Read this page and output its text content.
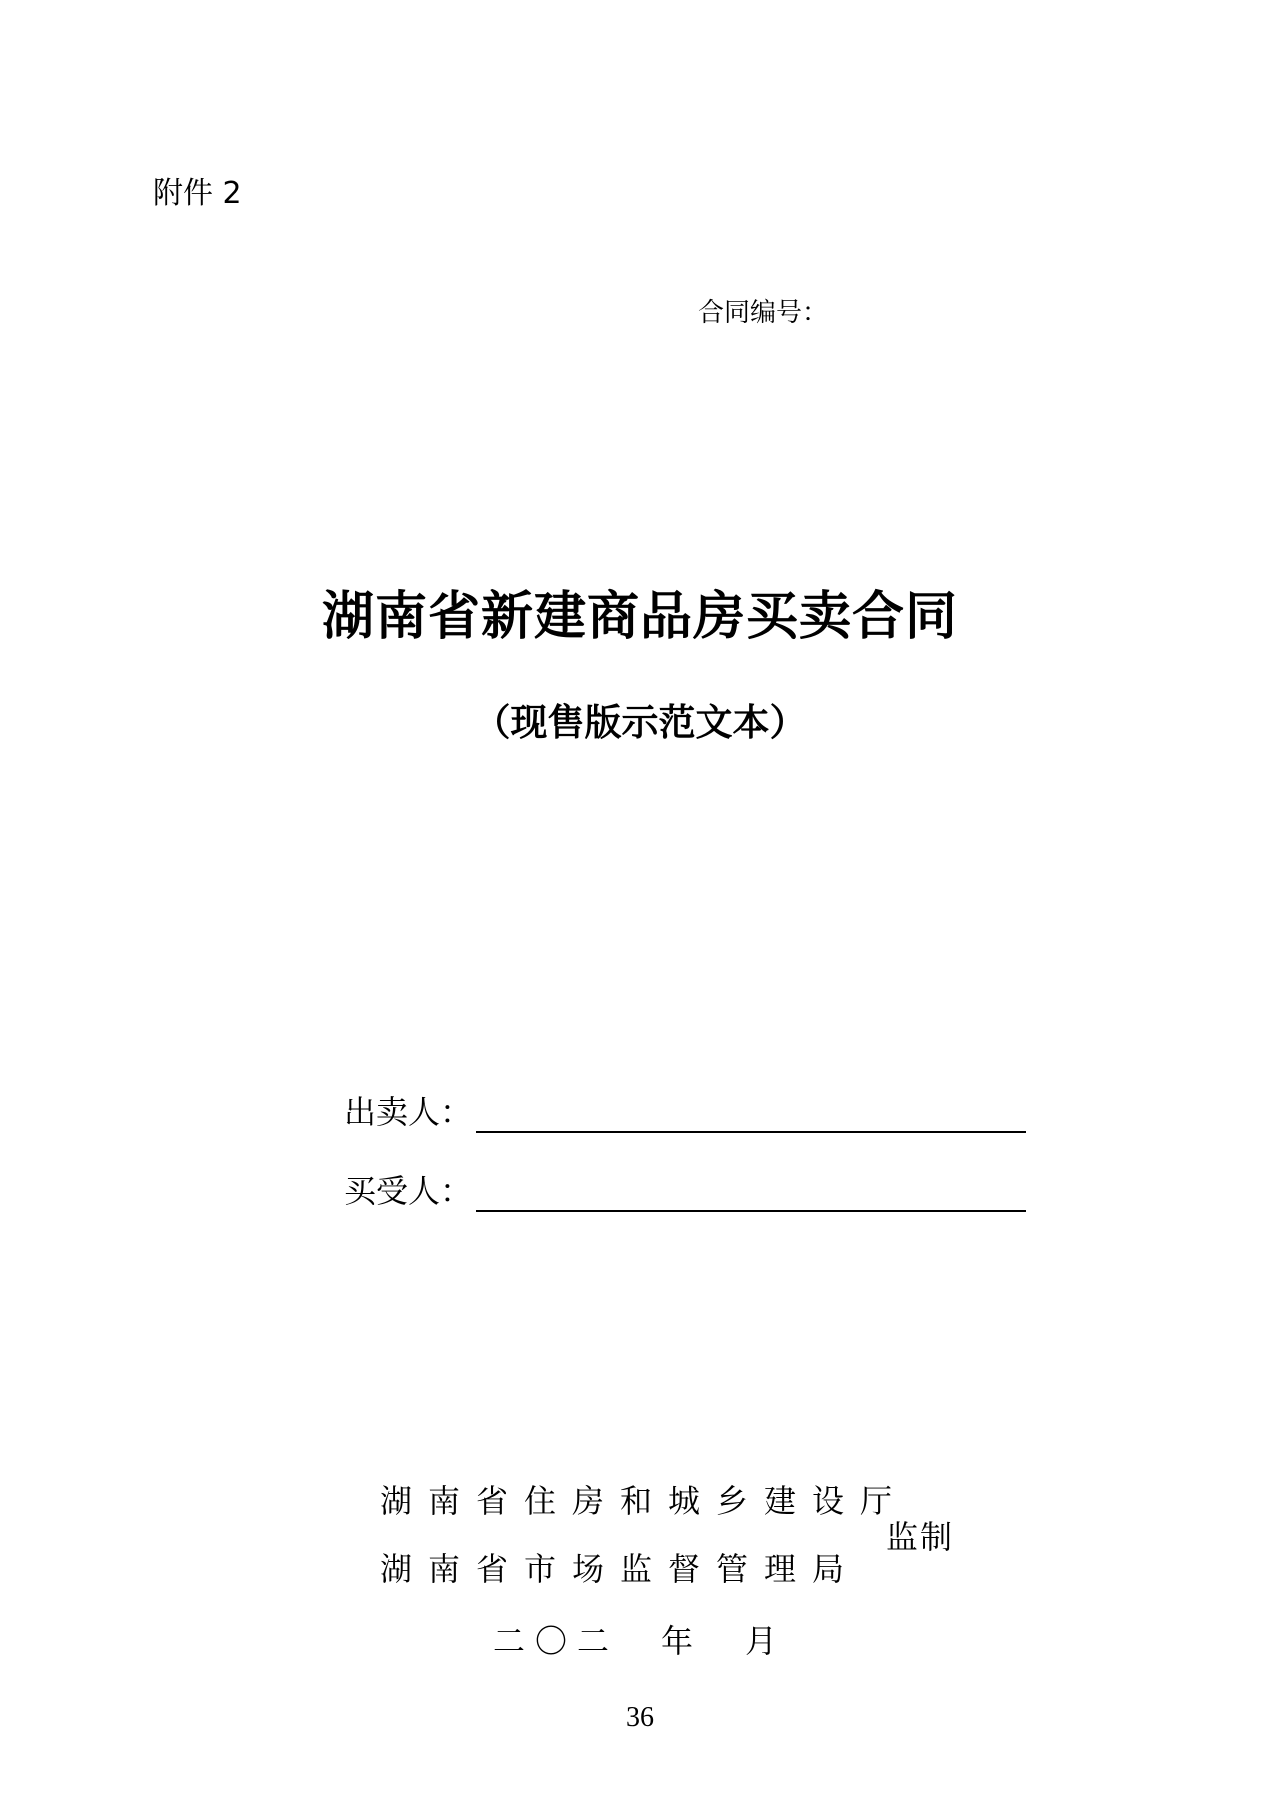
附件 2
合同编号：
湖南省新建商品房买卖合同
（现售版示范文本）
出卖人：
买受人：
湖南省住房和城乡建设厅
湖南省市场监督管理局
监制
二〇二　年　月
36
